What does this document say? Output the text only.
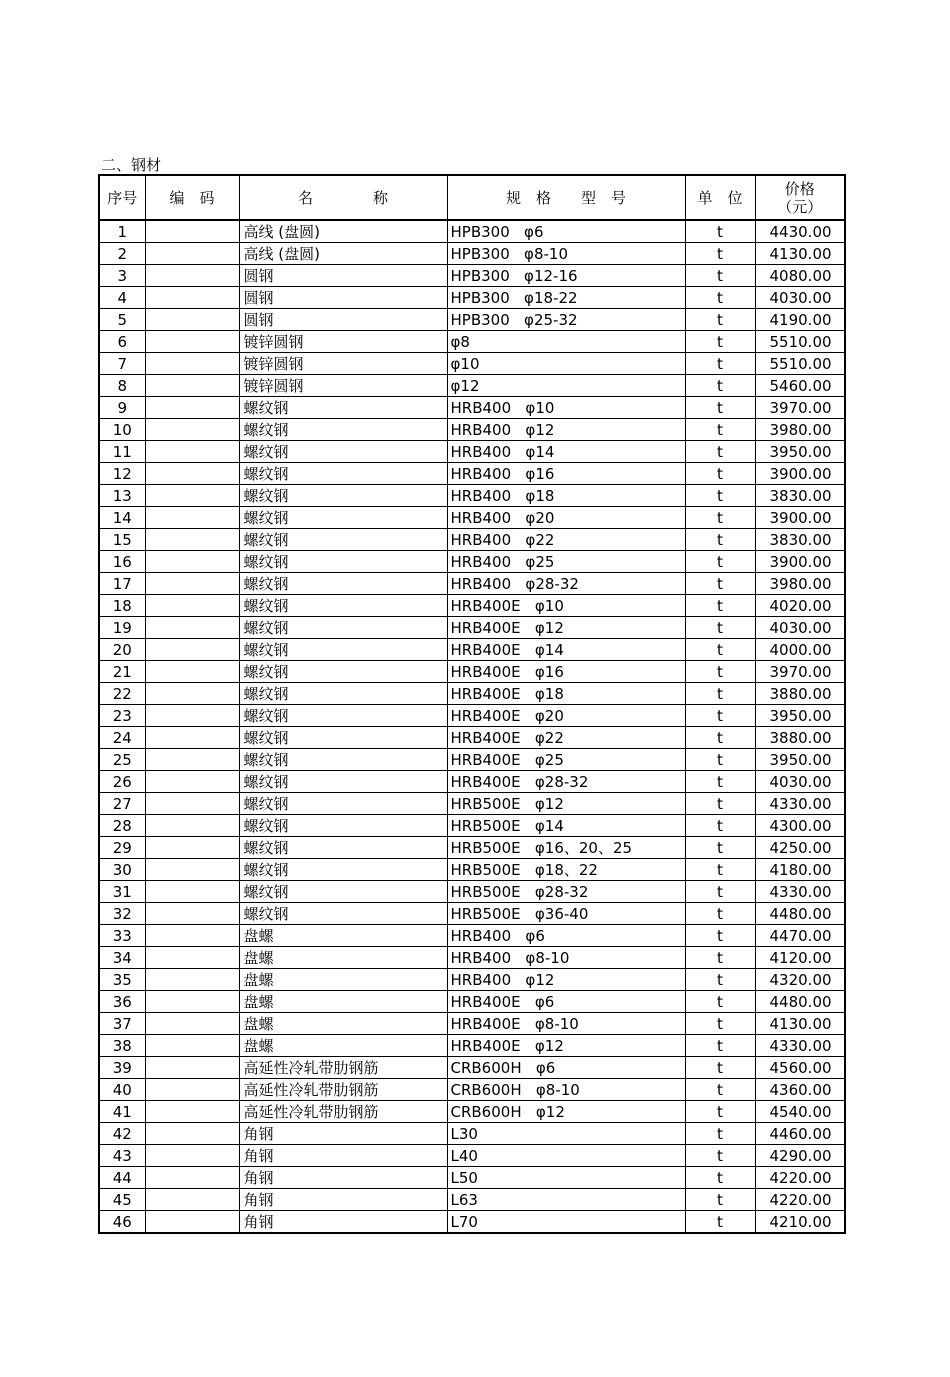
二、钢材
序号	编　码	名　　　　称	规　格　　型　号	单　位	价格
（元）

1		高线 (盘圆)	HPB300   φ6	t	4430.00
2		高线 (盘圆)	HPB300   φ8-10	t	4130.00
3		圆钢	HPB300   φ12-16	t	4080.00
4		圆钢	HPB300   φ18-22	t	4030.00
5		圆钢	HPB300   φ25-32	t	4190.00
6		镀锌圆钢	φ8	t	5510.00
7		镀锌圆钢	φ10	t	5510.00
8		镀锌圆钢	φ12	t	5460.00
9		螺纹钢	HRB400   φ10	t	3970.00
10		螺纹钢	HRB400   φ12	t	3980.00
11		螺纹钢	HRB400   φ14	t	3950.00
12		螺纹钢	HRB400   φ16	t	3900.00
13		螺纹钢	HRB400   φ18	t	3830.00
14		螺纹钢	HRB400   φ20	t	3900.00
15		螺纹钢	HRB400   φ22	t	3830.00
16		螺纹钢	HRB400   φ25	t	3900.00
17		螺纹钢	HRB400   φ28-32	t	3980.00
18		螺纹钢	HRB400E   φ10	t	4020.00
19		螺纹钢	HRB400E   φ12	t	4030.00
20		螺纹钢	HRB400E   φ14	t	4000.00
21		螺纹钢	HRB400E   φ16	t	3970.00
22		螺纹钢	HRB400E   φ18	t	3880.00
23		螺纹钢	HRB400E   φ20	t	3950.00
24		螺纹钢	HRB400E   φ22	t	3880.00
25		螺纹钢	HRB400E   φ25	t	3950.00
26		螺纹钢	HRB400E   φ28-32	t	4030.00
27		螺纹钢	HRB500E   φ12	t	4330.00
28		螺纹钢	HRB500E   φ14	t	4300.00
29		螺纹钢	HRB500E   φ16、20、25	t	4250.00
30		螺纹钢	HRB500E   φ18、22	t	4180.00
31		螺纹钢	HRB500E   φ28-32	t	4330.00
32		螺纹钢	HRB500E   φ36-40	t	4480.00
33		盘螺	HRB400   φ6	t	4470.00
34		盘螺	HRB400   φ8-10	t	4120.00
35		盘螺	HRB400   φ12	t	4320.00
36		盘螺	HRB400E   φ6	t	4480.00
37		盘螺	HRB400E   φ8-10	t	4130.00
38		盘螺	HRB400E   φ12	t	4330.00
39		高延性冷轧带肋钢筋	CRB600H   φ6	t	4560.00
40		高延性冷轧带肋钢筋	CRB600H   φ8-10	t	4360.00
41		高延性冷轧带肋钢筋	CRB600H   φ12	t	4540.00
42		角钢	L30	t	4460.00
43		角钢	L40	t	4290.00
44		角钢	L50	t	4220.00
45		角钢	L63	t	4220.00
46		角钢	L70	t	4210.00
